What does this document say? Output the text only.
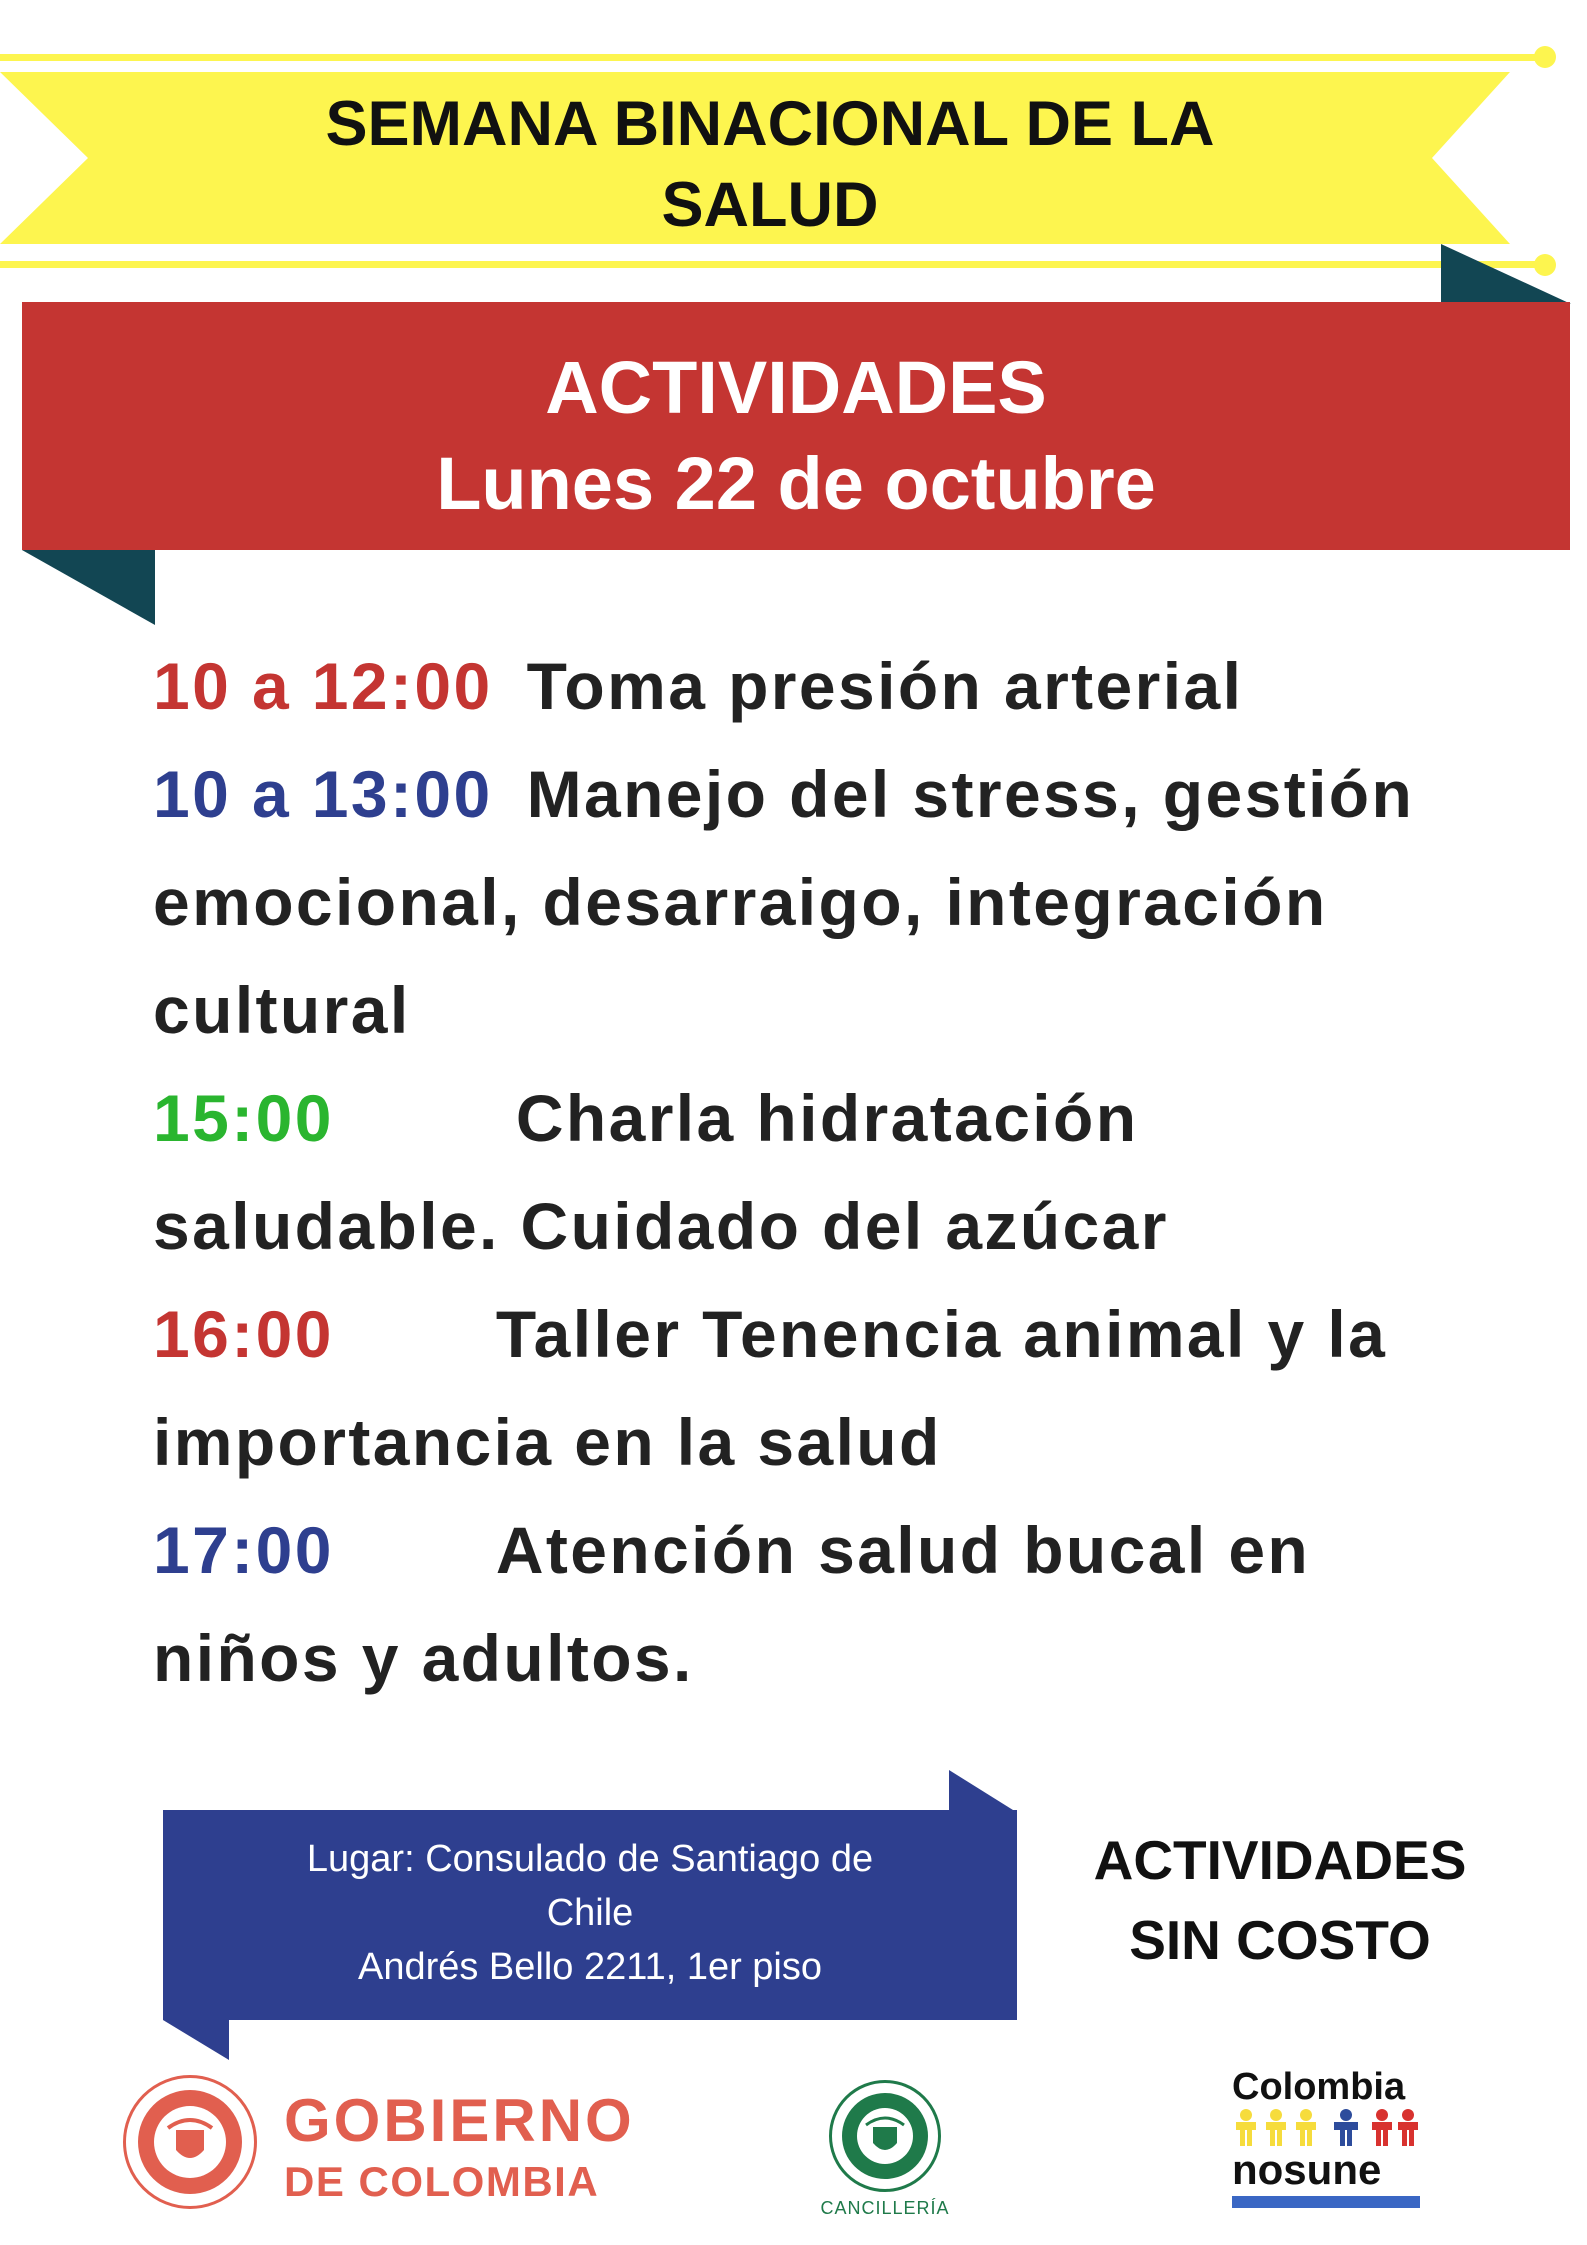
SEMANA BINACIONAL DE LA
SALUD
ACTIVIDADES
Lunes 22 de octubre
10 a 12:00 Toma presión arterial
10 a 13:00 Manejo del stress, gestión
emocional, desarraigo, integración
cultural
15:00	Charla hidratación
saludable. Cuidado del azúcar
16:00 Taller Tenencia animal y la
importancia en la salud
17:00 Atención salud bucal en
niños y adultos.
Lugar: Consulado de Santiago de
Chile
Andrés Bello 2211, 1er piso
ACTIVIDADES
SIN COSTO
GOBIERNO
DE COLOMBIA
CANCILLERÍA
Colombia
nosune
